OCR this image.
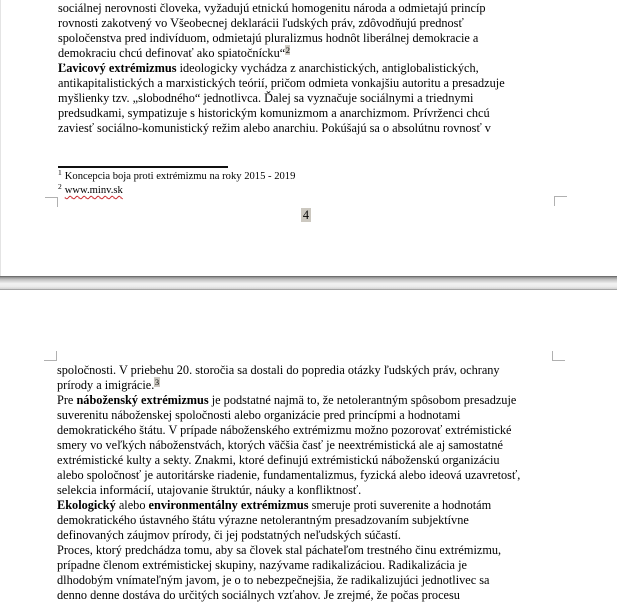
sociálnej nerovnosti človeka, vyžadujú etnickú homogenitu národa a odmietajú princíp
rovnosti zakotvený vo Všeobecnej deklarácii ľudských práv, zdôvodňujú prednosť
spoločenstva pred indivíduom, odmietajú pluralizmus hodnôt liberálnej demokracie a
demokraciu chcú definovať ako spiatočnícku“$^2$
Ľavicový extrémizmus ideologicky vychádza z anarchistických, antiglobalistických,
antikapitalistických a marxistických teórií, pričom odmieta vonkajšiu autoritu a presadzuje
myšlienky tzv. „slobodného“ jednotlivca. Ďalej sa vyznačuje sociálnymi a triednymi
predsudkami, sympatizuje s historickým komunizmom a anarchizmom. Prívrženci chcú
zaviesť sociálno-komunistický režim alebo anarchiu. Pokúšajú sa o absolútnu rovnosť v
$^1$ Koncepcia boja proti extrémizmu na roky 2015 - 2019
$^2$ www.minv.sk
4
spoločnosti. V priebehu 20. storočia sa dostali do popredia otázky ľudských práv, ochrany
prírody a imigrácie.$^3$
Pre náboženský extrémizmus je podstatné najmä to, že netolerantným spôsobom presadzuje
suverenitu náboženskej spoločnosti alebo organizácie pred princípmi a hodnotami
demokratického štátu. V prípade náboženského extrémizmu možno pozorovať extrémistické
smery vo veľkých náboženstvách, ktorých väčšia časť je neextrémistická ale aj samostatné
extrémistické kulty a sekty. Znakmi, ktoré definujú extrémistickú náboženskú organizáciu
alebo spoločnosť je autoritárske riadenie, fundamentalizmus, fyzická alebo ideová uzavretosť,
selekcia informácií, utajovanie štruktúr, náuky a konfliktnosť.
Ekologický alebo environmentálny extrémizmus smeruje proti suverenite a hodnotám
demokratického ústavného štátu výrazne netolerantným presadzovaním subjektívne
definovaných záujmov prírody, či jej podstatných neľudských súčastí.
Proces, ktorý predchádza tomu, aby sa človek stal páchateľom trestného činu extrémizmu,
prípadne členom extrémistickej skupiny, nazývame radikalizáciou. Radikalizácia je
dlhodobým vnímateľným javom, je o to nebezpečnejšia, že radikalizujúci jednotlivec sa
denno denne dostáva do určitých sociálnych vzťahov. Je zrejmé, že počas procesu
